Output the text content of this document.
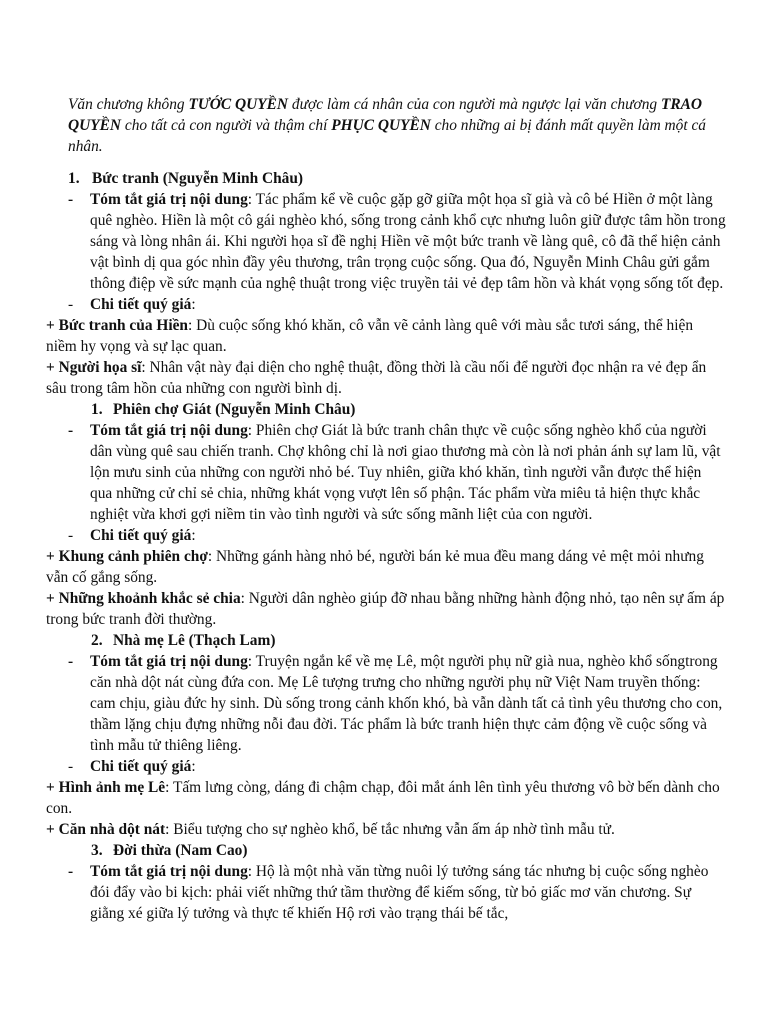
Văn chương không TƯỚC QUYỀN được làm cá nhân của con người mà ngược lại văn chương TRAO QUYỀN cho tất cả con người và thậm chí PHỤC QUYỀN cho những ai bị đánh mất quyền làm một cá nhân.

1. Bức tranh (Nguyễn Minh Châu)

- Tóm tắt giá trị nội dung: Tác phẩm kể về cuộc gặp gỡ giữa một họa sĩ già và cô bé Hiền ở một làng quê nghèo. Hiền là một cô gái nghèo khó, sống trong cảnh khổ cực nhưng luôn giữ được tâm hồn trong sáng và lòng nhân ái. Khi người họa sĩ đề nghị Hiền vẽ một bức tranh về làng quê, cô đã thể hiện cảnh vật bình dị qua góc nhìn đầy yêu thương, trân trọng cuộc sống. Qua đó, Nguyễn Minh Châu gửi gắm thông điệp về sức mạnh của nghệ thuật trong việc truyền tải vẻ đẹp tâm hồn và khát vọng sống tốt đẹp.

- Chi tiết quý giá:

+ Bức tranh của Hiền: Dù cuộc sống khó khăn, cô vẫn vẽ cảnh làng quê với màu sắc tươi sáng, thể hiện niềm hy vọng và sự lạc quan.

+ Người họa sĩ: Nhân vật này đại diện cho nghệ thuật, đồng thời là cầu nối để người đọc nhận ra vẻ đẹp ẩn sâu trong tâm hồn của những con người bình dị.

1. Phiên chợ Giát (Nguyễn Minh Châu)

- Tóm tắt giá trị nội dung: Phiên chợ Giát là bức tranh chân thực về cuộc sống nghèo khổ của người dân vùng quê sau chiến tranh. Chợ không chỉ là nơi giao thương mà còn là nơi phản ánh sự lam lũ, vật lộn mưu sinh của những con người nhỏ bé. Tuy nhiên, giữa khó khăn, tình người vẫn được thể hiện qua những cử chỉ sẻ chia, những khát vọng vượt lên số phận. Tác phẩm vừa miêu tả hiện thực khắc nghiệt vừa khơi gợi niềm tin vào tình người và sức sống mãnh liệt của con người.

- Chi tiết quý giá:

+ Khung cảnh phiên chợ: Những gánh hàng nhỏ bé, người bán kẻ mua đều mang dáng vẻ mệt mỏi nhưng vẫn cố gắng sống.

+ Những khoảnh khắc sẻ chia: Người dân nghèo giúp đỡ nhau bằng những hành động nhỏ, tạo nên sự ấm áp trong bức tranh đời thường.

2. Nhà mẹ Lê (Thạch Lam)

- Tóm tắt giá trị nội dung: Truyện ngắn kể về mẹ Lê, một người phụ nữ già nua, nghèo khổ sốngtrong căn nhà dột nát cùng đứa con. Mẹ Lê tượng trưng cho những người phụ nữ Việt Nam truyền thống: cam chịu, giàu đức hy sinh. Dù sống trong cảnh khốn khó, bà vẫn dành tất cả tình yêu thương cho con, thầm lặng chịu đựng những nỗi đau đời. Tác phẩm là bức tranh hiện thực cảm động về cuộc sống và tình mẫu tử thiêng liêng.

- Chi tiết quý giá:

+ Hình ảnh mẹ Lê: Tấm lưng còng, dáng đi chậm chạp, đôi mắt ánh lên tình yêu thương vô bờ bến dành cho con.

+ Căn nhà dột nát: Biểu tượng cho sự nghèo khổ, bế tắc nhưng vẫn ấm áp nhờ tình mẫu tử.

3. Đời thừa (Nam Cao)

- Tóm tắt giá trị nội dung: Hộ là một nhà văn từng nuôi lý tưởng sáng tác nhưng bị cuộc sống nghèo đói đẩy vào bi kịch: phải viết những thứ tầm thường để kiếm sống, từ bỏ giấc mơ văn chương. Sự giằng xé giữa lý tưởng và thực tế khiến Hộ rơi vào trạng thái bế tắc,
